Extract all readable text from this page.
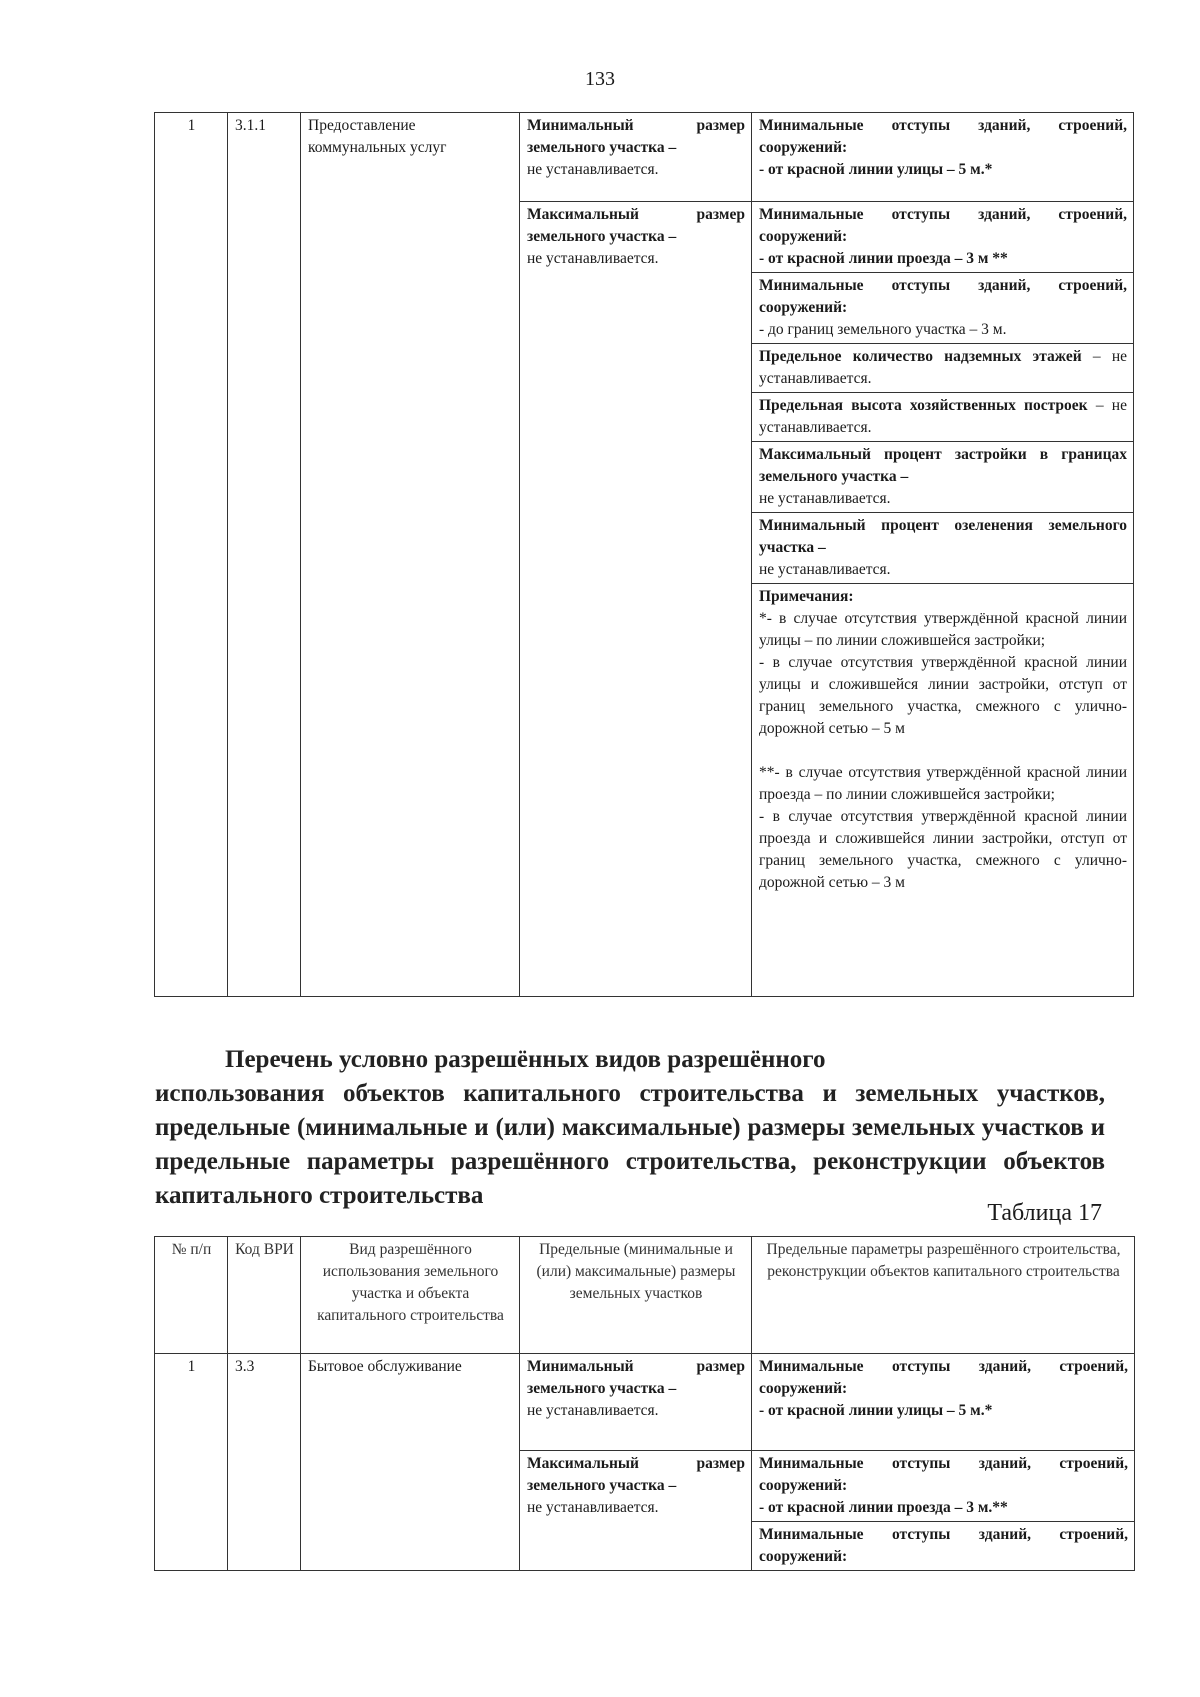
133
1	3.1.1	Предоставление коммунальных услуг	Минимальный размер земельного участка –
не устанавливается.	Минимальные отступы зданий, строений, сооружений:
- от красной линии улицы – 5 м.*
			Максимальный размер земельного участка –
не устанавливается.	Минимальные отступы зданий, строений, сооружений:
- от красной линии проезда – 3 м **
				Минимальные отступы зданий, строений, сооружений:
- до границ земельного участка – 3 м.
				Предельное количество надземных этажей – не устанавливается.
				Предельная высота хозяйственных построек – не устанавливается.
				Максимальный процент застройки в границах земельного участка –
не устанавливается.
				Минимальный процент озеленения земельного участка –
не устанавливается.

				Примечания:
*- в случае отсутствия утверждённой красной линии улицы – по линии сложившейся застройки;
- в случае отсутствия утверждённой красной линии улицы и сложившейся линии застройки, отступ от границ земельного участка, смежного с улично-дорожной сетью – 5 м
**- в случае отсутствия утверждённой красной линии проезда – по линии сложившейся застройки;
- в случае отсутствия утверждённой красной линии проезда и сложившейся линии застройки, отступ от границ земельного участка, смежного с улично-дорожной сетью – 3 м
Перечень условно разрешённых видов разрешённого
использования объектов капитального строительства и земельных участков, предельные (минимальные и (или) максимальные) размеры земельных участков и предельные параметры разрешённого строительства, реконструкции объектов капитального строительства
Таблица 17
№ п/п	Код ВРИ	Вид разрешённого использования земельного участка и объекта капитального строительства	Предельные (минимальные и (или) максимальные) размеры земельных участков	Предельные параметры разрешённого строительства, реконструкции объектов капитального строительства
1	3.3	Бытовое обслуживание	Минимальный размер земельного участка –
не устанавливается.	Минимальные отступы зданий, строений, сооружений:
- от красной линии улицы – 5 м.*
			Максимальный размер земельного участка –
не устанавливается.	Минимальные отступы зданий, строений, сооружений:
- от красной линии проезда – 3 м.**
				Минимальные отступы зданий, строений, сооружений:
